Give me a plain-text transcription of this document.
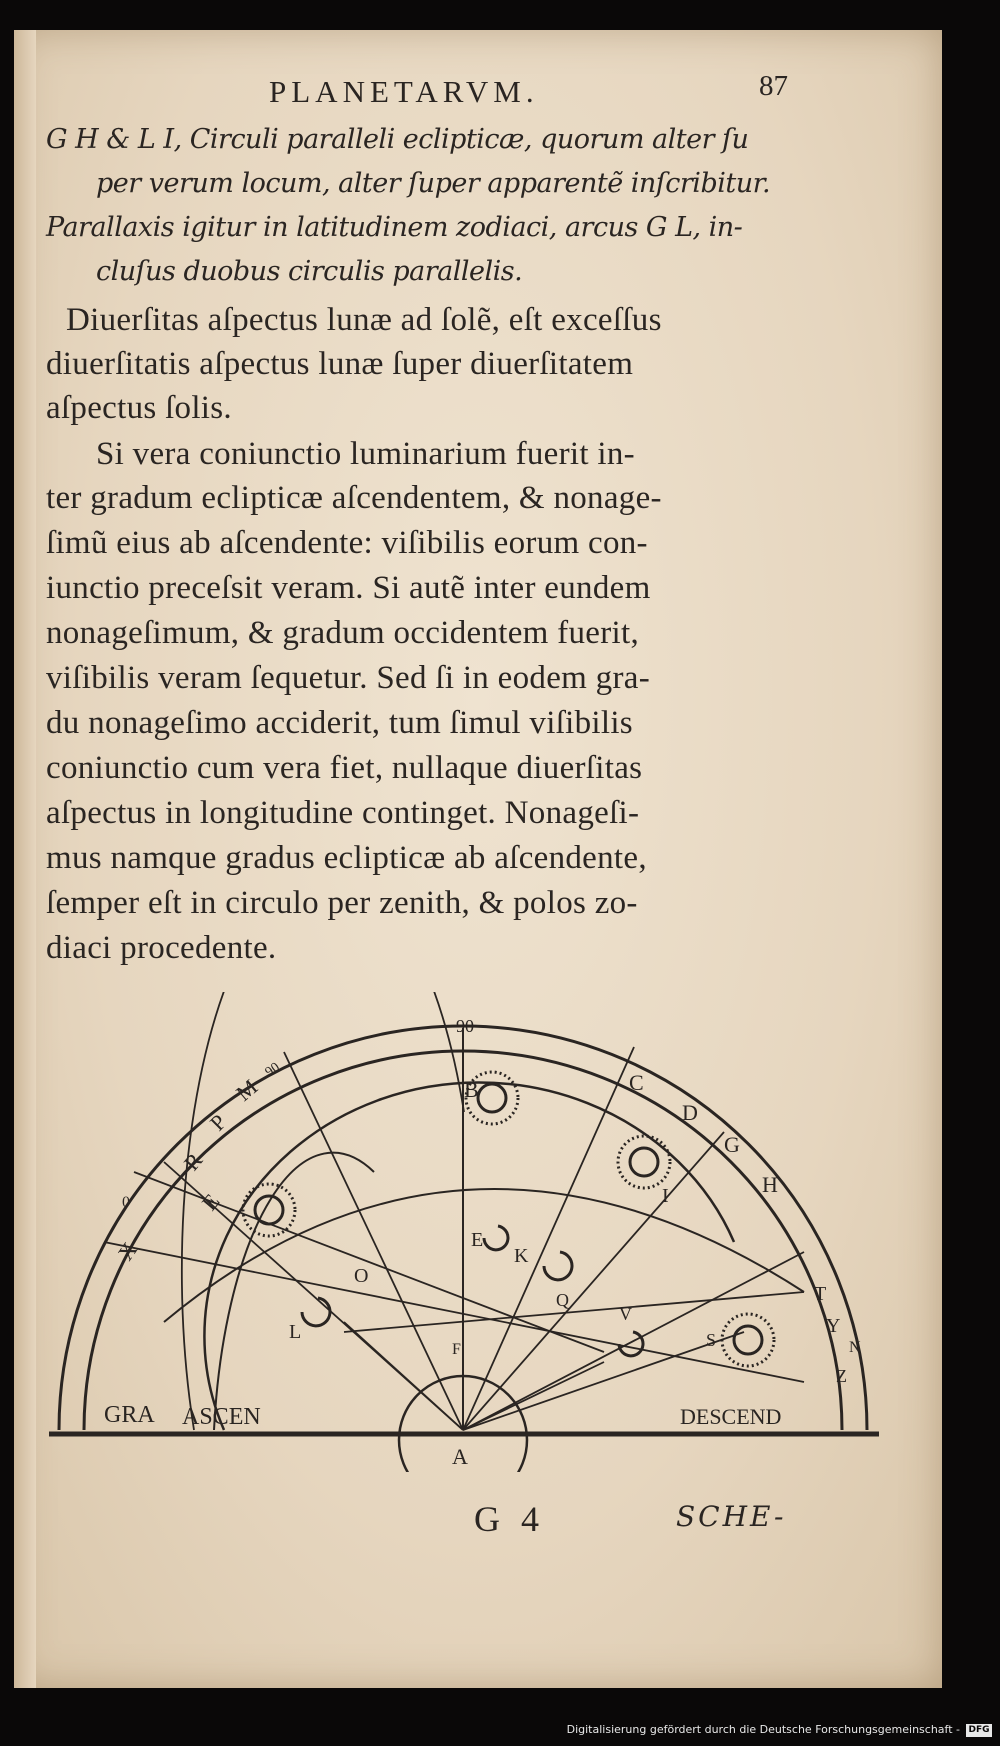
PLANETARVM.	87
G H & L I, Circuli paralleli eclipticæ, quorum alter ſu
per verum locum, alter ſuper apparentẽ inſcribitur.
Parallaxis igitur in latitudinem zodiaci, arcus G L, in-
cluſus duobus circulis parallelis.
Diuerſitas aſpectus lunæ ad ſolẽ, eſt exceſſus
diuerſitatis aſpectus lunæ ſuper diuerſitatem
aſpectus ſolis.
Si vera coniunctio luminarium fuerit in-
ter gradum eclipticæ aſcendentem, & nonage-
ſimũ eius ab aſcendente: viſibilis eorum con-
iunctio preceſsit veram. Si autẽ inter eundem
nonageſimum, & gradum occidentem fuerit,
viſibilis veram ſequetur. Sed ſi in eodem gra-
du nonageſimo acciderit, tum ſimul viſibilis
coniunctio cum vera fiet, nullaque diuerſitas
aſpectus in longitudine continget. Nonageſi-
mus namque gradus eclipticæ ab aſcendente,
ſemper eſt in circulo per zenith, & polos zo-
diaci procedente.
90
90
0
B	C
D
G
H
I
T
Y
Z
N
M
P
R
E
X
O
E
K
F
A
L
V
S
Q
GRA ASCEN	DESCEND
G 4	SCHE-
Digitalisierung gefördert durch die Deutsche Forschungsgemeinschaft - DFG
